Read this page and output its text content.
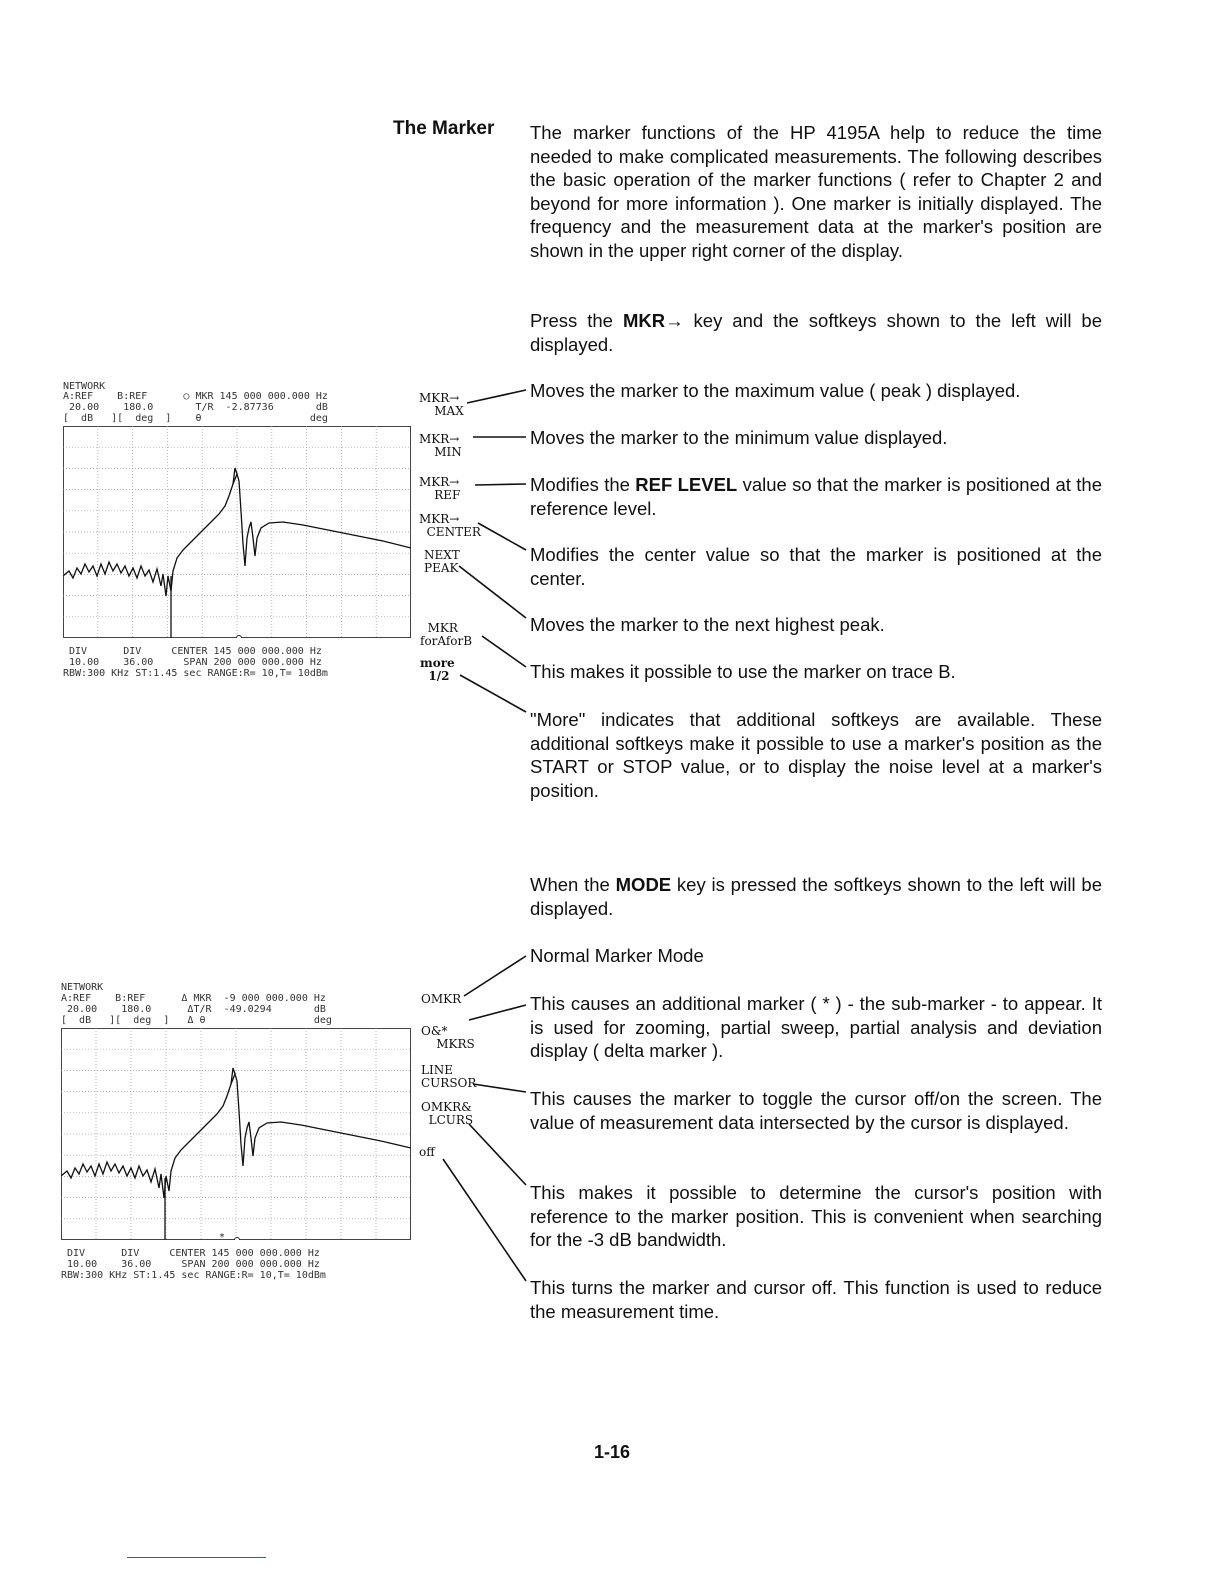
The Marker The marker functions of the HP 4195A help to reduce the time needed to make complicated measurements. The following describes the basic operation of the marker functions ( refer to Chapter 2 and beyond for more information ). One marker is initially displayed. The frequency and the measurement data at the marker's position are shown in the upper right corner of the display.
Press the MKR→ key and the softkeys shown to the left will be displayed.
NETWORK
A:REF    B:REF      ○ MKR 145 000 000.000 Hz
20.00    180.0       T/R  -2.87736       dB
[  dB   ][  deg  ]    θ                  deg
DIV      DIV     CENTER 145 000 000.000 Hz
10.00    36.00     SPAN 200 000 000.000 Hz
RBW:300 KHz ST:1.45 sec RANGE:R= 10,T= 10dBm
MKR→
MAX
MKR→
MIN
MKR→
REF
MKR→
CENTER
NEXT
PEAK
MKR
forAforB
more
1/2
Moves the marker to the maximum value ( peak ) displayed.
Moves the marker to the minimum value displayed.
Modifies the REF LEVEL value so that the marker is positioned at the reference level.
Modifies the center value so that the marker is positioned at the center.
Moves the marker to the next highest peak.
This makes it possible to use the marker on trace B.
"More" indicates that additional softkeys are available. These additional softkeys make it possible to use a marker's position as the START or STOP value, or to display the noise level at a marker's position.
When the MODE key is pressed the softkeys shown to the left will be displayed.
NETWORK
A:REF    B:REF      Δ MKR  -9 000 000.000 Hz
20.00    180.0      ΔT/R  -49.0294       dB
[  dB   ][  deg  ]   Δ θ                  deg
*
DIV      DIV     CENTER 145 000 000.000 Hz
10.00    36.00     SPAN 200 000 000.000 Hz
RBW:300 KHz ST:1.45 sec RANGE:R= 10,T= 10dBm
OMKR
O&*
MKRS
LINE
CURSOR
OMKR&
LCURS
off
Normal Marker Mode
This causes an additional marker ( * ) - the sub-marker - to appear. It is used for zooming, partial sweep, partial analysis and deviation display ( delta marker ).
This causes the marker to toggle the cursor off/on the screen. The value of measurement data intersected by the cursor is displayed.
This makes it possible to determine the cursor's position with reference to the marker position. This is convenient when searching for the -3 dB bandwidth.
This turns the marker and cursor off. This function is used to reduce the measurement time.
1-16
